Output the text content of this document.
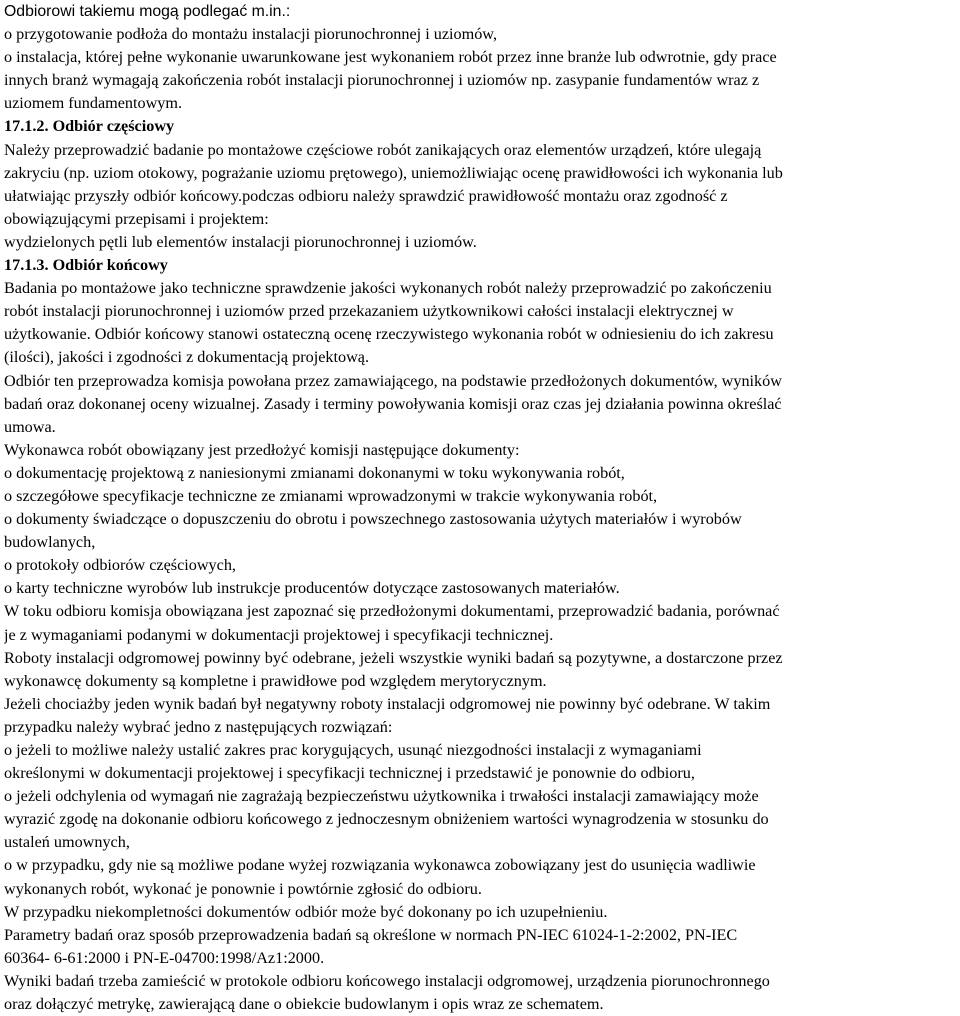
Odbiorowi takiemu mogą podlegać m.in.:
o przygotowanie podłoża do montażu instalacji piorunochronnej i uziomów,
o instalacja, której pełne wykonanie uwarunkowane jest wykonaniem robót przez inne branże lub odwrotnie, gdy prace
innych branż wymagają zakończenia robót instalacji piorunochronnej i uziomów np. zasypanie fundamentów wraz z
uziomem fundamentowym.
17.1.2. Odbiór częściowy
Należy przeprowadzić badanie po montażowe częściowe robót zanikających oraz elementów urządzeń, które ulegają
zakryciu (np. uziom otokowy, pograżanie uziomu prętowego), uniemożliwiając ocenę prawidłowości ich wykonania lub
ułatwiając przyszły odbiór końcowy.podczas odbioru należy sprawdzić prawidłowość montażu oraz zgodność z
obowiązującymi przepisami i projektem:
wydzielonych pętli lub elementów instalacji piorunochronnej i uziomów.
17.1.3. Odbiór końcowy
Badania po montażowe jako techniczne sprawdzenie jakości wykonanych robót należy przeprowadzić po zakończeniu
robót instalacji piorunochronnej i uziomów przed przekazaniem użytkownikowi całości instalacji elektrycznej w
użytkowanie. Odbiór końcowy stanowi ostateczną ocenę rzeczywistego wykonania robót w odniesieniu do ich zakresu
(ilości), jakości i zgodności z dokumentacją projektową.
Odbiór ten przeprowadza komisja powołana przez zamawiającego, na podstawie przedłożonych dokumentów, wyników
badań oraz dokonanej oceny wizualnej. Zasady i terminy powoływania komisji oraz czas jej działania powinna określać
umowa.
Wykonawca robót obowiązany jest przedłożyć komisji następujące dokumenty:
o dokumentację projektową z naniesionymi zmianami dokonanymi w toku wykonywania robót,
o szczegółowe specyfikacje techniczne ze zmianami wprowadzonymi w trakcie wykonywania robót,
o dokumenty świadczące o dopuszczeniu do obrotu i powszechnego zastosowania użytych materiałów i wyrobów
budowlanych,
o protokoły odbiorów częściowych,
o karty techniczne wyrobów lub instrukcje producentów dotyczące zastosowanych materiałów.
W toku odbioru komisja obowiązana jest zapoznać się przedłożonymi dokumentami, przeprowadzić badania, porównać
je z wymaganiami podanymi w dokumentacji projektowej i specyfikacji technicznej.
Roboty instalacji odgromowej powinny być odebrane, jeżeli wszystkie wyniki badań są pozytywne, a dostarczone przez
wykonawcę dokumenty są kompletne i prawidłowe pod względem merytorycznym.
Jeżeli chociażby jeden wynik badań był negatywny roboty instalacji odgromowej nie powinny być odebrane. W takim
przypadku należy wybrać jedno z następujących rozwiązań:
o jeżeli to możliwe należy ustalić zakres prac korygujących, usunąć niezgodności instalacji z wymaganiami
określonymi w dokumentacji projektowej i specyfikacji technicznej i przedstawić je ponownie do odbioru,
o jeżeli odchylenia od wymagań nie zagrażają bezpieczeństwu użytkownika i trwałości instalacji zamawiający może
wyrazić zgodę na dokonanie odbioru końcowego z jednoczesnym obniżeniem wartości wynagrodzenia w stosunku do
ustaleń umownych,
o w przypadku, gdy nie są możliwe podane wyżej rozwiązania wykonawca zobowiązany jest do usunięcia wadliwie
wykonanych robót, wykonać je ponownie i powtórnie zgłosić do odbioru.
W przypadku niekompletności dokumentów odbiór może być dokonany po ich uzupełnieniu.
Parametry badań oraz sposób przeprowadzenia badań są określone w normach PN-IEC 61024-1-2:2002, PN-IEC
60364- 6-61:2000 i PN-E-04700:1998/Az1:2000.
Wyniki badań trzeba zamieścić w protokole odbioru końcowego instalacji odgromowej, urządzenia piorunochronnego
oraz dołączyć metrykę, zawierającą dane o obiekcie budowlanym i opis wraz ze schematem.
